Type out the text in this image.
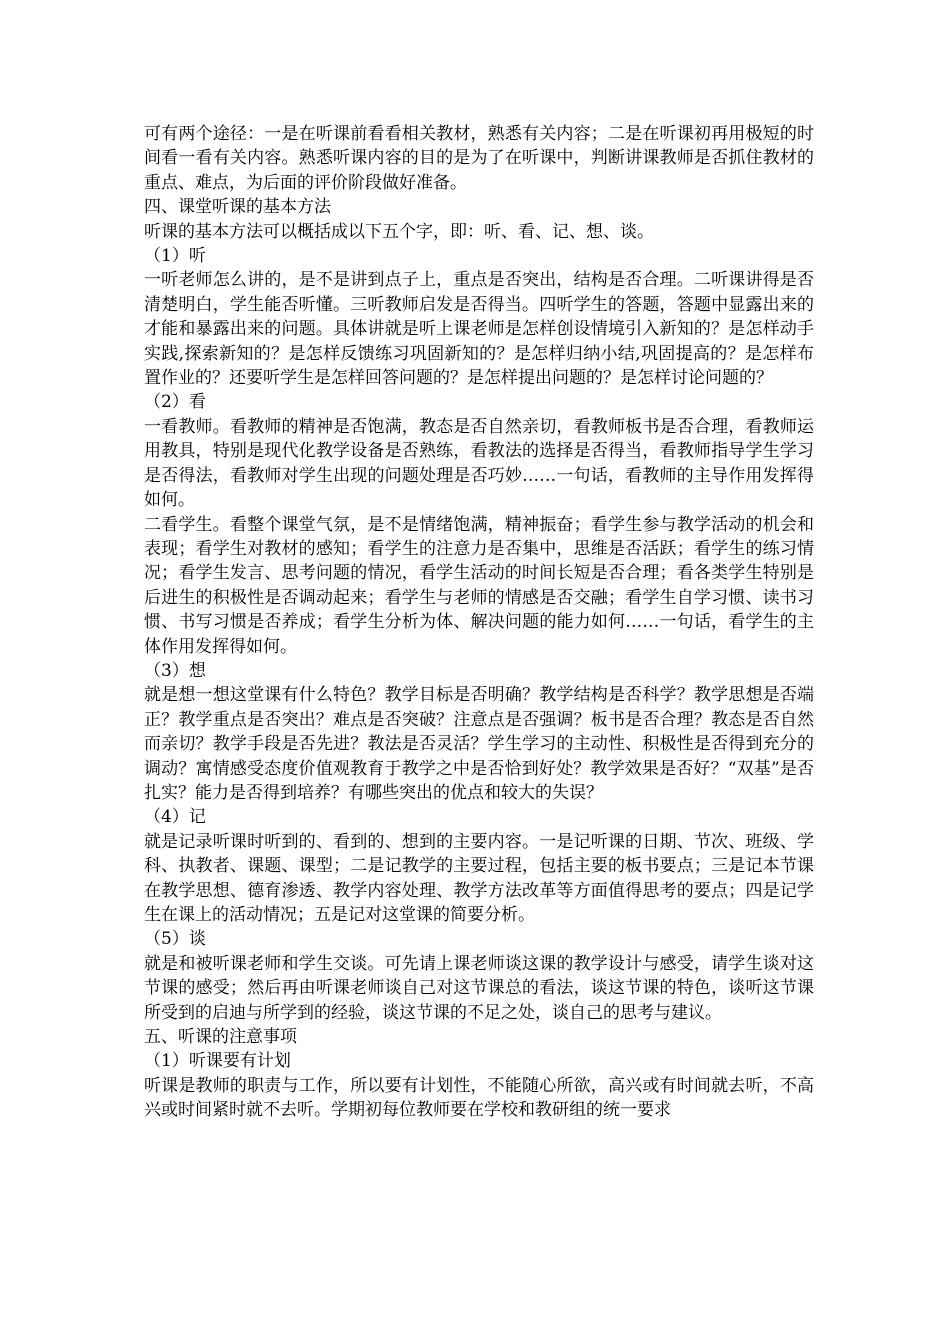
可有两个途径：一是在听课前看看相关教材，熟悉有关内容；二是在听课初再用极短的时间看一看有关内容。熟悉听课内容的目的是为了在听课中，判断讲课教师是否抓住教材的重点、难点，为后面的评价阶段做好准备。

四、课堂听课的基本方法

听课的基本方法可以概括成以下五个字，即：听、看、记、想、谈。

（1）听

一听老师怎么讲的，是不是讲到点子上，重点是否突出，结构是否合理。二听课讲得是否清楚明白，学生能否听懂。三听教师启发是否得当。四听学生的答题，答题中显露出来的才能和暴露出来的问题。具体讲就是听上课老师是怎样创设情境引入新知的？是怎样动手实践,探索新知的？是怎样反馈练习巩固新知的？是怎样归纳小结,巩固提高的？是怎样布置作业的？还要听学生是怎样回答问题的？是怎样提出问题的？是怎样讨论问题的？

（2）看

一看教师。看教师的精神是否饱满，教态是否自然亲切，看教师板书是否合理，看教师运用教具，特别是现代化教学设备是否熟练，看教法的选择是否得当，看教师指导学生学习是否得法，看教师对学生出现的问题处理是否巧妙……一句话，看教师的主导作用发挥得如何。

二看学生。看整个课堂气氛，是不是情绪饱满，精神振奋；看学生参与教学活动的机会和表现；看学生对教材的感知；看学生的注意力是否集中，思维是否活跃；看学生的练习情况；看学生发言、思考问题的情况，看学生活动的时间长短是否合理；看各类学生特别是后进生的积极性是否调动起来；看学生与老师的情感是否交融；看学生自学习惯、读书习惯、书写习惯是否养成；看学生分析为体、解决问题的能力如何……一句话，看学生的主体作用发挥得如何。

（3）想

就是想一想这堂课有什么特色？教学目标是否明确？教学结构是否科学？教学思想是否端正？教学重点是否突出？难点是否突破？注意点是否强调？板书是否合理？教态是否自然而亲切？教学手段是否先进？教法是否灵活？学生学习的主动性、积极性是否得到充分的调动？寓情感受态度价值观教育于教学之中是否恰到好处？教学效果是否好？“双基”是否扎实？能力是否得到培养？有哪些突出的优点和较大的失误？

（4）记

就是记录听课时听到的、看到的、想到的主要内容。一是记听课的日期、节次、班级、学科、执教者、课题、课型；二是记教学的主要过程，包括主要的板书要点；三是记本节课在教学思想、德育渗透、教学内容处理、教学方法改革等方面值得思考的要点；四是记学生在课上的活动情况；五是记对这堂课的简要分析。

（5）谈

就是和被听课老师和学生交谈。可先请上课老师谈这课的教学设计与感受，请学生谈对这节课的感受；然后再由听课老师谈自己对这节课总的看法，谈这节课的特色，谈听这节课所受到的启迪与所学到的经验，谈这节课的不足之处，谈自己的思考与建议。

五、听课的注意事项

（1）听课要有计划

听课是教师的职责与工作，所以要有计划性，不能随心所欲，高兴或有时间就去听，不高兴或时间紧时就不去听。学期初每位教师要在学校和教研组的统一要求
